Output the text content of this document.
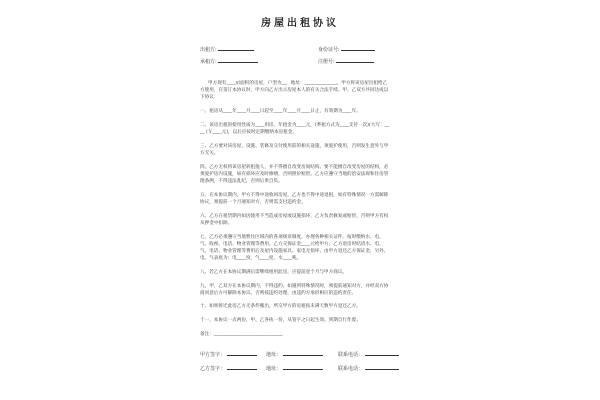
房屋出租协议
出租方:	身份证号:
承租方:	注册号:

甲方现有____㎡面积的房屋，户型为__，地址：______________。甲方将该房屋出租给乙方使用，在签订本协议时，甲方向乙方出示房屋本人的有关合法手续。甲、乙双方共同达成以下协议：

一、租房从____年____月____日起至____年____月____日止，有效期为____年。

二、该房出租的使用性质为____用房，年租金为____元，(季租方式为____支付一次)(大写：____ (￥____元)，以后应按时定期缴纳本房租金。

三、乙方要对该房屋、设施、装修及交付使用前的相关设施，须爱护使用，否则发生意外与甲方无关。

四、乙方无权将该房屋转租他人，并不得擅自改变房间结构。要不能擅自改变房屋的结构，必须爱护房内设施，如有损坏应及时修缮，否则照价赔偿。乙方应遵守当地的治安法规和住房管理条例，不得违法乱纪，否则后果自负。

五、在本协议期内，甲方不得中途收回房屋，乙方也不得中途退租，如有特殊情况一方需解除协议，须提前一个月通知对方，否则需支付违约金。

六、乙方在租赁期内如因使用不当造成房屋或设施损坏，乙方负责修复或赔偿，否则甲方有权从押金中扣除。

七、乙方必须遵守当地暂住区域内的各项规章制度。办理各种相关证件，按时缴纳水、电、气、收视、电话、物业管理等费用。乙方交保证金____元给甲方，乙方退房时结清水、电、气、电话、物业管理等费用后及屋内设施家具、家电无损坏，由甲方退还乙方保证金，另外，电、气表底为：电____度，气____度，水____吨。

八、若乙方在本协议期满后需继续租用此房，应提前壹个月与甲方商议。

九、甲、乙双方在本协议期内，不得违约。如遇到特殊情况时，须提前通知对方，并经双方协商同意后方可解除本协议。否则按违约处理，由违约方承担相应的违约责任。

十、如果拆迁此房乙方无条件搬出，所交甲方的房租按未满天数甲方退还乙方。

十一、本协议一式两份，甲、乙各执一份，从签字之日起生效。到期自行作废。

备注：______________________________

甲方签字：	地址：	联系电话：
乙方签字：	地址：	联系电话：
